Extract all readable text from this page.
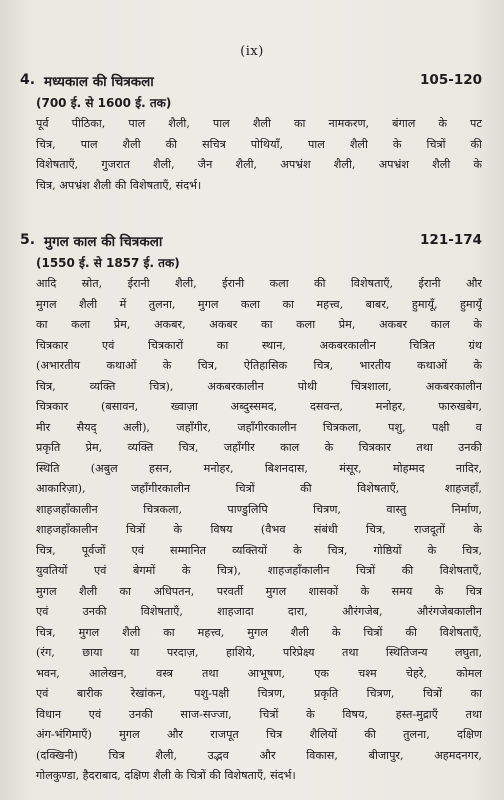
(ix)
4. मध्यकाल की चित्रकला	105-120
(700 ई. से 1600 ई. तक)
पूर्व पीठिका, पाल शैली, पाल शैली का नामकरण, बंगाल के पट
चित्र, पाल शैली की सचित्र पोथियाँ, पाल शैली के चित्रों की
विशेषताएँ, गुजरात शैली, जैन शैली, अपभ्रंश शैली, अपभ्रंश शैली के
चित्र, अपभ्रंश शैली की विशेषताएँ, संदर्भ।
5. मुगल काल की चित्रकला	121-174
(1550 ई. से 1857 ई. तक)
आदि स्रोत, ईरानी शैली, ईरानी कला की विशेषताएँ, ईरानी और
मुगल शैली में तुलना, मुगल कला का महत्त्व, बाबर, हुमायूँ, हुमायूँ
का कला प्रेम, अकबर, अकबर का कला प्रेम, अकबर काल के
चित्रकार एवं चित्रकारों का स्थान, अकबरकालीन चित्रित ग्रंथ
(अभारतीय कथाओं के चित्र, ऐतिहासिक चित्र, भारतीय कथाओं के
चित्र, व्यक्ति चित्र), अकबरकालीन पोथी चित्रशाला, अकबरकालीन
चित्रकार (बसावन, ख्वाज़ा अब्दुस्समद, दसवन्त, मनोहर, फारुखबेग,
मीर सैयद् अली), जहाँगीर, जहाँगीरकालीन चित्रकला, पशु, पक्षी व
प्रकृति प्रेम, व्यक्ति चित्र, जहाँगीर काल के चित्रकार तथा उनकी
स्थिति (अबुल हसन, मनोहर, बिशनदास, मंसूर, मोहम्मद नादिर,
आकारिज़ा), जहाँगीरकालीन चित्रों की विशेषताएँ, शाहजहाँ,
शाहजहाँकालीन चित्रकला, पाण्डुलिपि चित्रण, वास्तु निर्माण,
शाहजहाँकालीन चित्रों के विषय (वैभव संबंधी चित्र, राजदूतों के
चित्र, पूर्वजों एवं सम्मानित व्यक्तियों के चित्र, गोष्ठियों के चित्र,
युवतियों एवं बेगमों के चित्र), शाहजहाँकालीन चित्रों की विशेषताएँ,
मुगल शैली का अधिपतन, परवर्ती मुगल शासकों के समय के चित्र
एवं उनकी विशेषताएँ, शाहजादा दारा, औरंगजेब, औरंगजेबकालीन
चित्र, मुगल शैली का महत्त्व, मुगल शैली के चित्रों की विशेषताएँ,
(रंग, छाया या परदाज़, हाशिये, परिप्रेक्ष्य तथा स्थितिजन्य लघुता,
भवन, आलेखन, वस्त्र तथा आभूषण, एक चश्म चेहरे, कोमल
एवं बारीक रेखांकन, पशु-पक्षी चित्रण, प्रकृति चित्रण, चित्रों का
विधान एवं उनकी साज-सज्जा, चित्रों के विषय, हस्त-मुद्राएँ तथा
अंग-भंगिमाएँ) मुगल और राजपूत चित्र शैलियों की तुलना, दक्षिण
(दक्खिनी) चित्र शैली, उद्भव और विकास, बीजापुर, अहमदनगर,
गोलकुण्डा, हैदराबाद, दक्षिण शैली के चित्रों की विशेषताएँ, संदर्भ।
